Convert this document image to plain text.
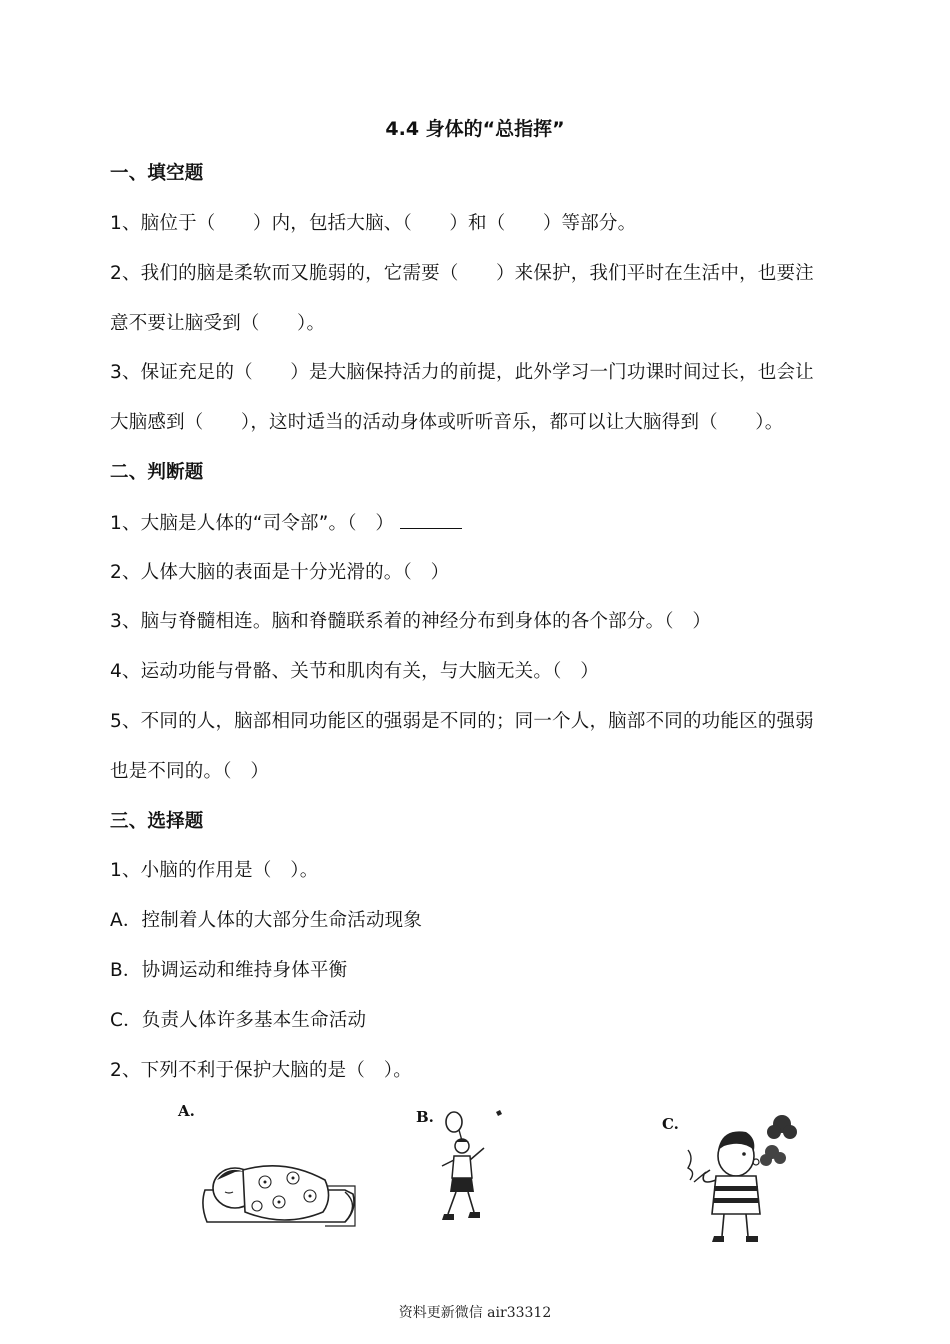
4.4 身体的“总指挥”
一、填空题
1、脑位于（　　）内，包括大脑、（　　）和（　　）等部分。
2、我们的脑是柔软而又脆弱的，它需要（　　）来保护，我们平时在生活中，也要注
意不要让脑受到（　　）。
3、保证充足的（　　）是大脑保持活力的前提，此外学习一门功课时间过长，也会让
大脑感到（　　），这时适当的活动身体或听听音乐，都可以让大脑得到（　　）。
二、判断题
1、大脑是人体的“司令部”。（　）
2、人体大脑的表面是十分光滑的。（　）
3、脑与脊髓相连。脑和脊髓联系着的神经分布到身体的各个部分。（　）
4、运动功能与骨骼、关节和肌肉有关，与大脑无关。（　）
5、不同的人，脑部相同功能区的强弱是不同的；同一个人，脑部不同的功能区的强弱
也是不同的。（　）
三、选择题
1、小脑的作用是（　）。
A．控制着人体的大部分生命活动现象
B．协调运动和维持身体平衡
C．负责人体许多基本生命活动
2、下列不利于保护大脑的是（　）。
A.	B.	C.
资料更新微信 air33312
